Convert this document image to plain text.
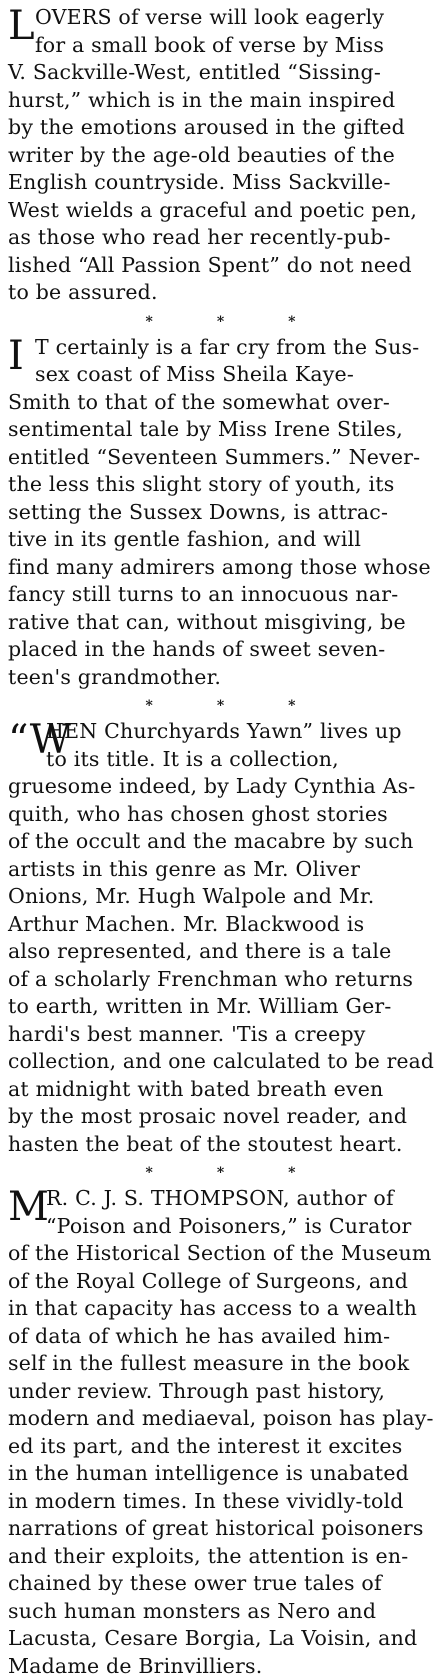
L OVERS of verse will look eagerly
for a small book of verse by Miss
V. Sackville-West, entitled “Sissing-
hurst,” which is in the main inspired
by the emotions aroused in the gifted
writer by the age-old beauties of the
English countryside. Miss Sackville-
West wields a graceful and poetic pen,
as those who read her recently-pub-
lished “All Passion Spent” do not need
to be assured.
*	*	*
I T certainly is a far cry from the Sus-
sex coast of Miss Sheila Kaye-
Smith to that of the somewhat over-
sentimental tale by Miss Irene Stiles,
entitled “Seventeen Summers.” Never-
the less this slight story of youth, its
setting the Sussex Downs, is attrac-
tive in its gentle fashion, and will
find many admirers among those whose
fancy still turns to an innocuous nar-
rative that can, without misgiving, be
placed in the hands of sweet seven-
teen's grandmother.
*	*	*
“W
HEN Churchyards Yawn” lives up
to its title. It is a collection,
gruesome indeed, by Lady Cynthia As-
quith, who has chosen ghost stories
of the occult and the macabre by such
artists in this genre as Mr. Oliver
Onions, Mr. Hugh Walpole and Mr.
Arthur Machen. Mr. Blackwood is
also represented, and there is a tale
of a scholarly Frenchman who returns
to earth, written in Mr. William Ger-
hardi's best manner. 'Tis a creepy
collection, and one calculated to be read
at midnight with bated breath even
by the most prosaic novel reader, and
hasten the beat of the stoutest heart.
*	*	*
M
R. C. J. S. THOMPSON, author of
“Poison and Poisoners,” is Curator
of the Historical Section of the Museum
of the Royal College of Surgeons, and
in that capacity has access to a wealth
of data of which he has availed him-
self in the fullest measure in the book
under review. Through past history,
modern and mediaeval, poison has play-
ed its part, and the interest it excites
in the human intelligence is unabated
in modern times. In these vividly-told
narrations of great historical poisoners
and their exploits, the attention is en-
chained by these ower true tales of
such human monsters as Nero and
Lacusta, Cesare Borgia, La Voisin, and
Madame de Brinvilliers.
